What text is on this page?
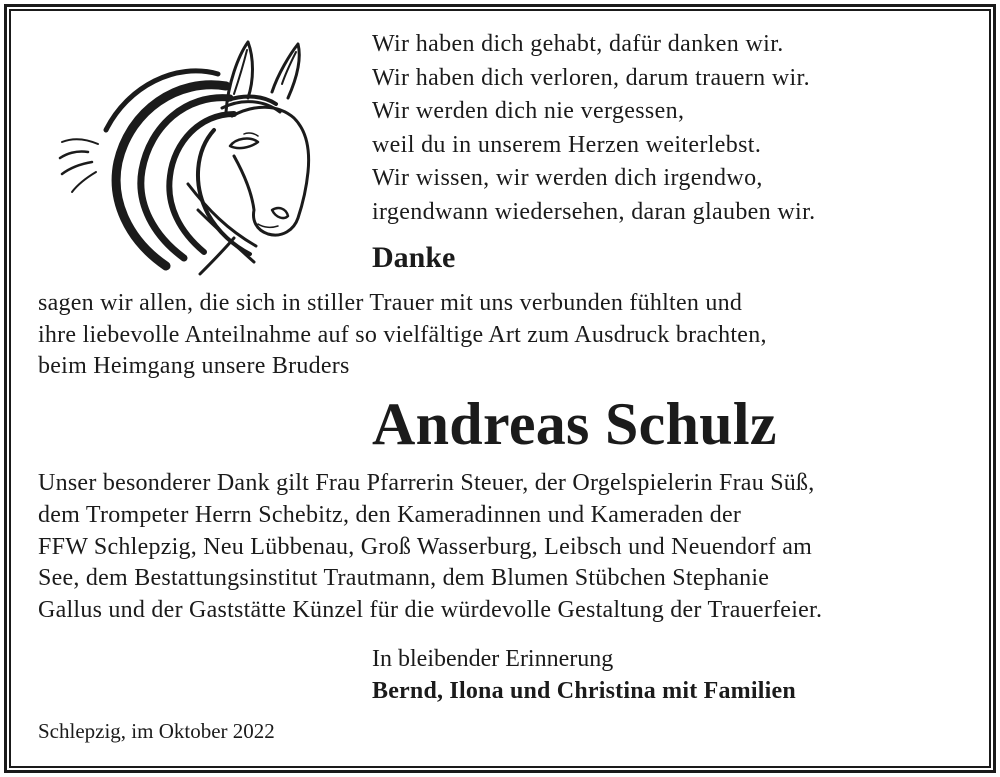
Wir haben dich gehabt, dafür danken wir.
Wir haben dich verloren, darum trauern wir.
Wir werden dich nie vergessen,
weil du in unserem Herzen weiterlebst.
Wir wissen, wir werden dich irgendwo,
irgendwann wiedersehen, daran glauben wir.
Danke
sagen wir allen, die sich in stiller Trauer mit uns verbunden fühlten und
ihre liebevolle Anteilnahme auf so vielfältige Art zum Ausdruck brachten,
beim Heimgang unsere Bruders
Andreas Schulz
Unser besonderer Dank gilt Frau Pfarrerin Steuer, der Orgelspielerin Frau Süß,
dem Trompeter Herrn Schebitz, den Kameradinnen und Kameraden der
FFW Schlepzig, Neu Lübbenau, Groß Wasserburg, Leibsch und Neuendorf am
See, dem Bestattungsinstitut Trautmann, dem Blumen Stübchen Stephanie
Gallus und der Gaststätte Künzel für die würdevolle Gestaltung der Trauerfeier.
In bleibender Erinnerung
Bernd, Ilona und Christina mit Familien
Schlepzig, im Oktober 2022
